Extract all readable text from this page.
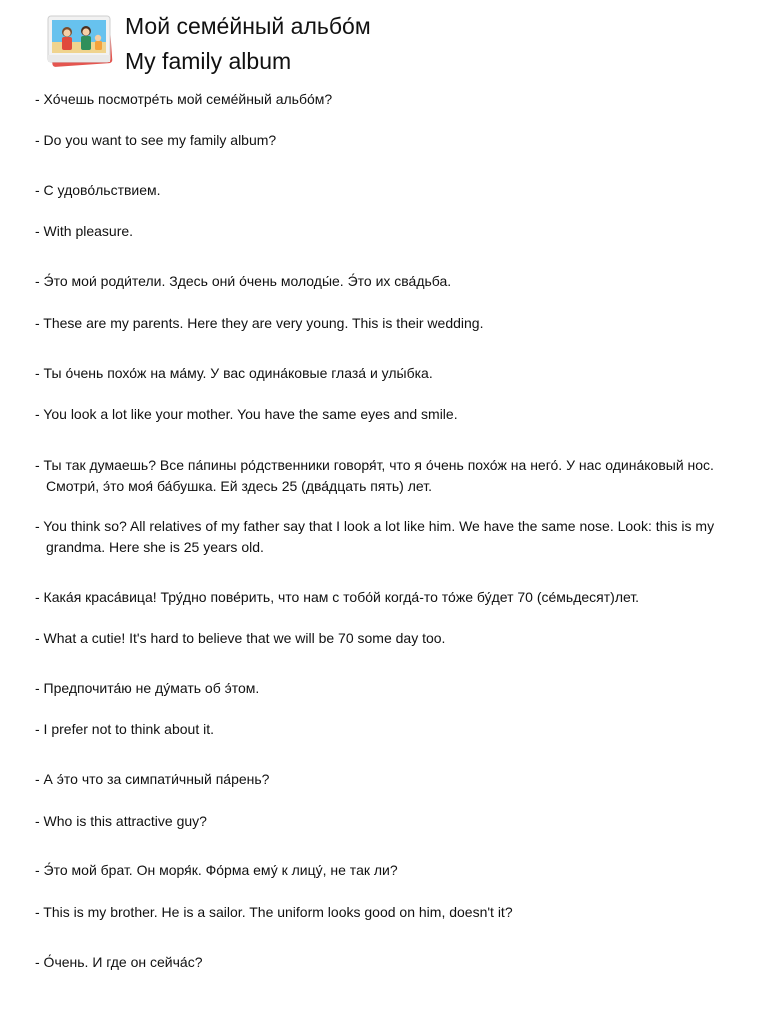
Мой семе́йный альбо́м
My family album
- Хо́чешь посмотре́ть мой семе́йный альбо́м?
- Do you want to see my family album?
- С удово́льствием.
- With pleasure.
- Э́то мои́ роди́тели. Здесь они́ о́чень молоды́е. Э́то их сва́дьба.
- These are my parents. Here they are very young. This is their wedding.
- Ты о́чень похо́ж на ма́му. У вас одина́ковые глаза́ и улы́бка.
- You look a lot like your mother. You have the same eyes and smile.
- Ты так думаешь? Все па́пины ро́дственники говоря́т, что я о́чень похо́ж на него́. У нас одина́ковый нос. Смотри́, э́то моя́ ба́бушка. Ей здесь 25 (два́дцать пять) лет.
- You think so? All relatives of my father say that I look a lot like him. We have the same nose. Look: this is my grandma. Here she is 25 years old.
- Кака́я краса́вица! Тру́дно пове́рить, что нам с тобо́й когда́-то то́же бу́дет 70 (се́мьдесят)лет.
- What a cutie! It's hard to believe that we will be 70 some day too.
- Предпочита́ю не ду́мать об э́том.
- I prefer not to think about it.
- А э́то что за симпати́чный па́рень?
- Who is this attractive guy?
- Э́то мой брат. Он моря́к. Фо́рма ему́ к лицу́, не так ли?
- This is my brother. He is a sailor. The uniform looks good on him, doesn't it?
- О́чень. И где он сейча́с?
